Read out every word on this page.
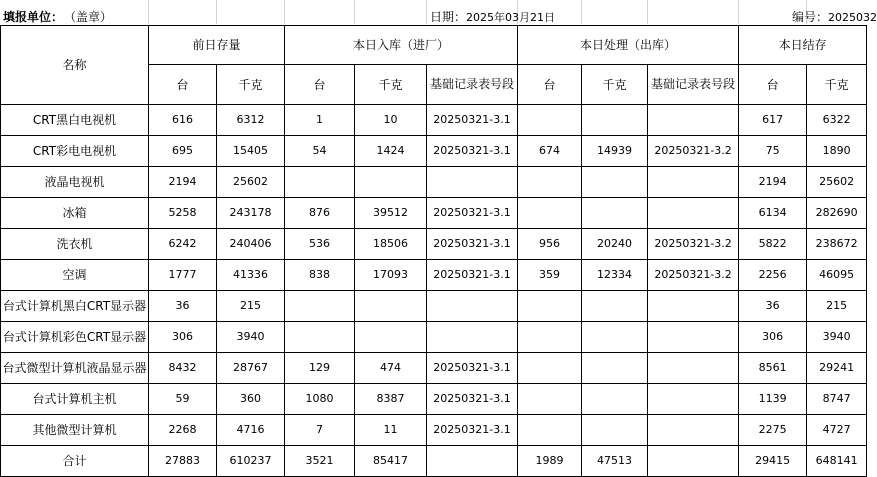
填报单位： （盖章）	日期：2025年03月21日	编号：2025032
名称	前日存量		本日入库（进厂）			本日处理（出库）			本日结存	
	台	千克	台	千克	基础记录表号段	台	千克	基础记录表号段	台	千克
CRT黑白电视机	616	6312	1	10	20250321-3.1				617	6322
CRT彩电电视机	695	15405	54	1424	20250321-3.1	674	14939	20250321-3.2	75	1890
液晶电视机	2194	25602							2194	25602
冰箱	5258	243178	876	39512	20250321-3.1				6134	282690
洗衣机	6242	240406	536	18506	20250321-3.1	956	20240	20250321-3.2	5822	238672
空调	1777	41336	838	17093	20250321-3.1	359	12334	20250321-3.2	2256	46095
台式计算机黑白CRT显示器	36	215							36	215
台式计算机彩色CRT显示器	306	3940							306	3940
台式微型计算机液晶显示器	8432	28767	129	474	20250321-3.1				8561	29241
台式计算机主机	59	360	1080	8387	20250321-3.1				1139	8747
其他微型计算机	2268	4716	7	11	20250321-3.1				2275	4727
合计	27883	610237	3521	85417		1989	47513		29415	648141
